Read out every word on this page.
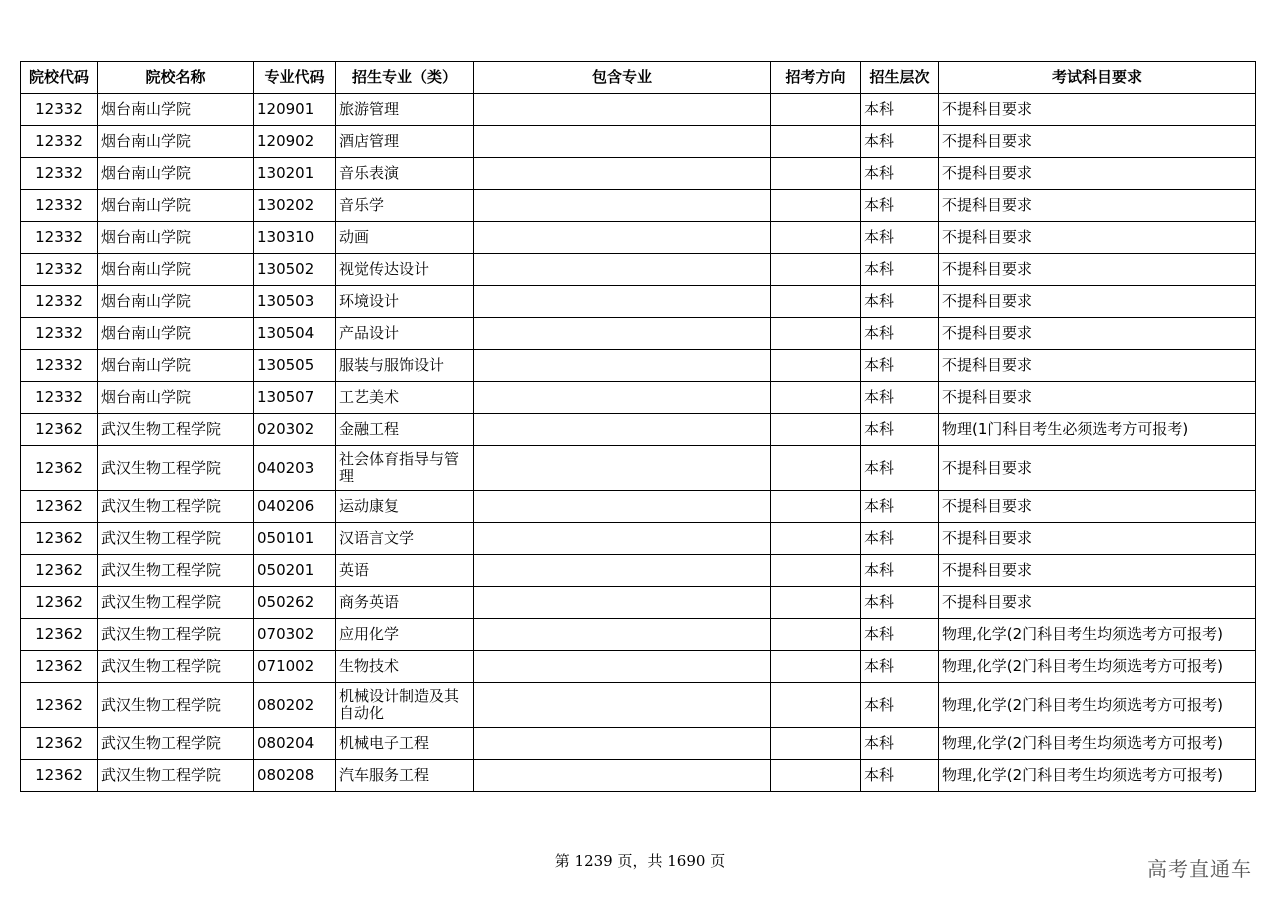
院校代码	院校名称	专业代码	招生专业（类）	包含专业	招考方向	招生层次	考试科目要求
12332	烟台南山学院	120901	旅游管理			本科	不提科目要求
12332	烟台南山学院	120902	酒店管理			本科	不提科目要求
12332	烟台南山学院	130201	音乐表演			本科	不提科目要求
12332	烟台南山学院	130202	音乐学			本科	不提科目要求
12332	烟台南山学院	130310	动画			本科	不提科目要求
12332	烟台南山学院	130502	视觉传达设计			本科	不提科目要求
12332	烟台南山学院	130503	环境设计			本科	不提科目要求
12332	烟台南山学院	130504	产品设计			本科	不提科目要求
12332	烟台南山学院	130505	服装与服饰设计			本科	不提科目要求
12332	烟台南山学院	130507	工艺美术			本科	不提科目要求
12362	武汉生物工程学院	020302	金融工程			本科	物理(1门科目考生必须选考方可报考)
12362	武汉生物工程学院	040203	社会体育指导与管理			本科	不提科目要求
12362	武汉生物工程学院	040206	运动康复			本科	不提科目要求
12362	武汉生物工程学院	050101	汉语言文学			本科	不提科目要求
12362	武汉生物工程学院	050201	英语			本科	不提科目要求
12362	武汉生物工程学院	050262	商务英语			本科	不提科目要求
12362	武汉生物工程学院	070302	应用化学			本科	物理,化学(2门科目考生均须选考方可报考)
12362	武汉生物工程学院	071002	生物技术			本科	物理,化学(2门科目考生均须选考方可报考)
12362	武汉生物工程学院	080202	机械设计制造及其自动化			本科	物理,化学(2门科目考生均须选考方可报考)
12362	武汉生物工程学院	080204	机械电子工程			本科	物理,化学(2门科目考生均须选考方可报考)
12362	武汉生物工程学院	080208	汽车服务工程			本科	物理,化学(2门科目考生均须选考方可报考)
第 1239 页，共 1690 页	高考直通车
